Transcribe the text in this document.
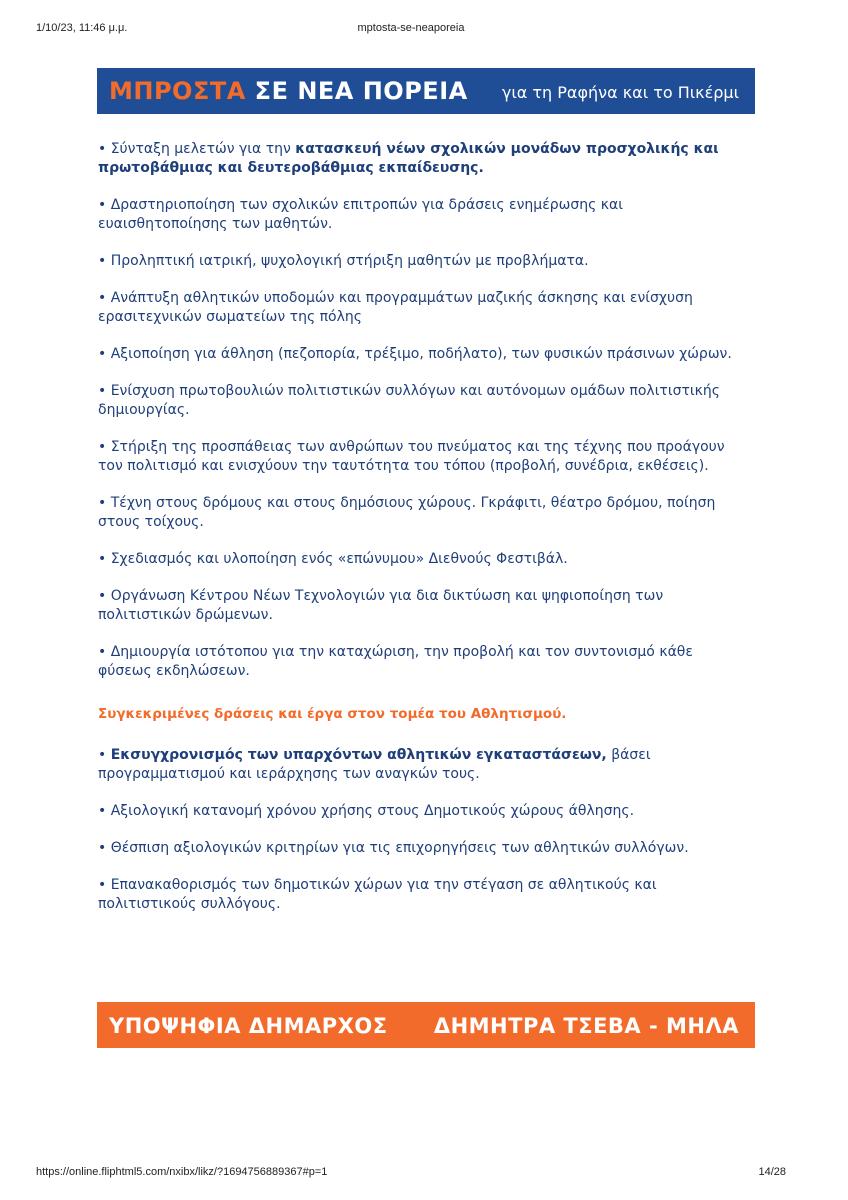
1/10/23, 11:46 μ.μ.	mptosta-se-neaporeia
ΜΠΡΟΣΤΑ ΣΕ ΝΕΑ ΠΟΡΕΙΑ για τη Ραφήνα και το Πικέρμι

• Σύνταξη μελετών για την κατασκευή νέων σχολικών μονάδων προσχολικής και πρωτοβάθμιας και δευτεροβάθμιας εκπαίδευσης.

• Δραστηριοποίηση των σχολικών επιτροπών για δράσεις ενημέρωσης και ευαισθητοποίησης των μαθητών.

• Προληπτική ιατρική, ψυχολογική στήριξη μαθητών με προβλήματα.

• Ανάπτυξη αθλητικών υποδομών και προγραμμάτων μαζικής άσκησης και ενίσχυση ερασιτεχνικών σωματείων της πόλης

• Αξιοποίηση για άθληση (πεζοπορία, τρέξιμο, ποδήλατο), των φυσικών πράσινων χώρων.

• Ενίσχυση πρωτοβουλιών πολιτιστικών συλλόγων και αυτόνομων ομάδων πολιτιστικής δημιουργίας.

• Στήριξη της προσπάθειας των ανθρώπων του πνεύματος και της τέχνης που προάγουν τον πολιτισμό και ενισχύουν την ταυτότητα του τόπου (προβολή, συνέδρια, εκθέσεις).

• Τέχνη στους δρόμους και στους δημόσιους χώρους. Γκράφιτι, θέατρο δρόμου, ποίηση στους τοίχους.

• Σχεδιασμός και υλοποίηση ενός «επώνυμου» Διεθνούς Φεστιβάλ.

• Οργάνωση Κέντρου Νέων Τεχνολογιών για δια δικτύωση και ψηφιοποίηση των πολιτιστικών δρώμενων.

• Δημιουργία ιστότοπου για την καταχώριση, την προβολή και τον συντονισμό κάθε φύσεως εκδηλώσεων.

Συγκεκριμένες δράσεις και έργα στον τομέα του Αθλητισμού.

• Εκσυγχρονισμός των υπαρχόντων αθλητικών εγκαταστάσεων, βάσει προγραμματισμού και ιεράρχησης των αναγκών τους.

• Αξιολογική κατανομή χρόνου χρήσης στους Δημοτικούς χώρους άθλησης.

• Θέσπιση αξιολογικών κριτηρίων για τις επιχορηγήσεις των αθλητικών συλλόγων.

• Επανακαθορισμός των δημοτικών χώρων για την στέγαση σε αθλητικούς και πολιτιστικούς συλλόγους.

ΥΠΟΨΗΦΙΑ ΔΗΜΑΡΧΟΣ ΔΗΜΗΤΡΑ ΤΣΕΒΑ - ΜΗΛΑ
https://online.fliphtml5.com/nxibx/likz/?1694756889367#p=1	14/28
